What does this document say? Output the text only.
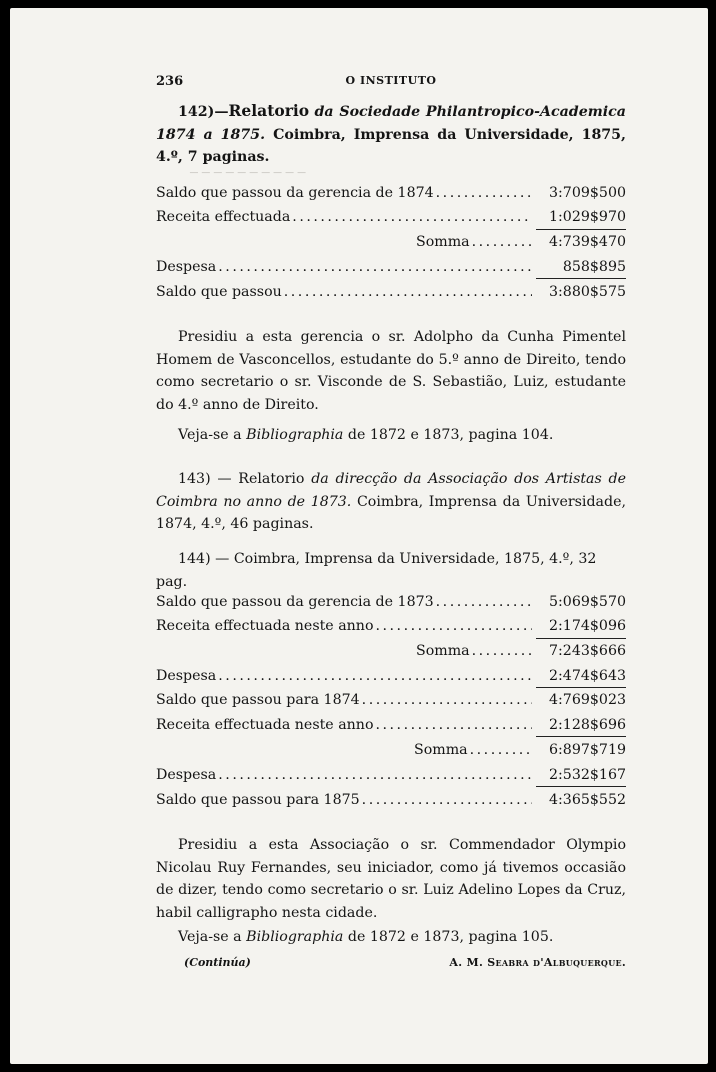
─ ─ ─ ─ ─ ─ ─ ─ ─ ─
236	O INSTITUTO
142)—Relatorio da Sociedade Philantropico-Academica 1874 a 1875. Coimbra, Imprensa da Universidade, 1875, 4.º, 7 paginas.
Saldo que passou da gerencia de 1874 . . .	3:709$500
Receita effectuada . . .	1:029$970
Somma . . .	4:739$470
Despesa . . .	858$895
Saldo que passou . . .	3:880$575
Presidiu a esta gerencia o sr. Adolpho da Cunha Pimentel Homem de Vasconcellos, estudante do 5.º anno de Direito, tendo como secretario o sr. Visconde de S. Sebastião, Luiz, estudante do 4.º anno de Direito.
Veja-se a Bibliographia de 1872 e 1873, pagina 104.
143) — Relatorio da direcção da Associação dos Artistas de Coimbra no anno de 1873. Coimbra, Imprensa da Universidade, 1874, 4.º, 46 paginas.
144) — Coimbra, Imprensa da Universidade, 1875, 4.º, 32 pag.
Saldo que passou da gerencia de 1873 . . .	5:069$570
Receita effectuada neste anno . . .	2:174$096
Somma . . .	7:243$666
Despesa . . .	2:474$643
Saldo que passou para 1874 . . .	4:769$023
Receita effectuada neste anno . . .	2:128$696
Somma . . .	6:897$719
Despesa . . .	2:532$167
Saldo que passou para 1875 . . .	4:365$552
Presidiu a esta Associação o sr. Commendador Olympio Nicolau Ruy Fernandes, seu iniciador, como já tivemos occasião de dizer, tendo como secretario o sr. Luiz Adelino Lopes da Cruz, habil calligrapho nesta cidade.
Veja-se a Bibliographia de 1872 e 1873, pagina 105.
(Continúa)	A. M. Seabra d'Albuquerque.
